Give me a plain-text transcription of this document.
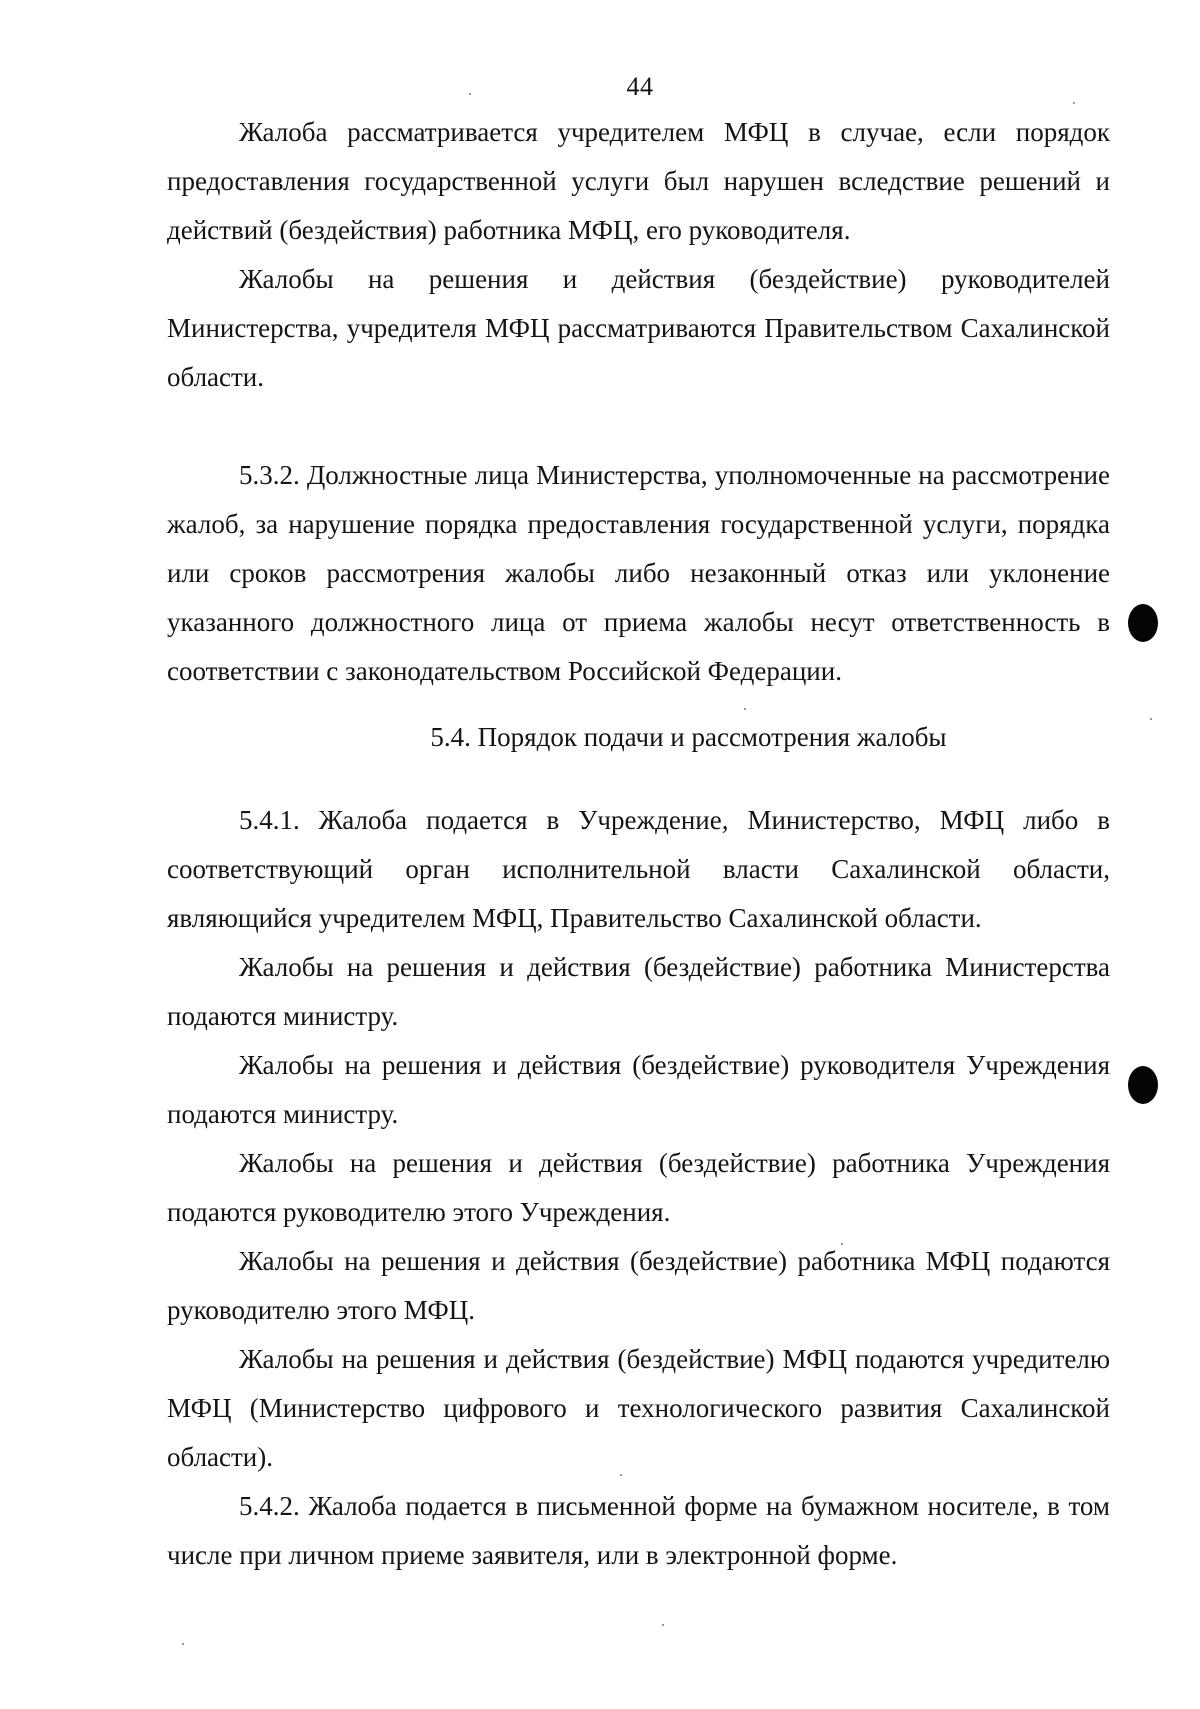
44

Жалоба рассматривается учредителем МФЦ в случае, если порядок предоставления государственной услуги был нарушен вследствие решений и действий (бездействия) работника МФЦ, его руководителя.

Жалобы на решения и действия (бездействие) руководителей Министерства, учредителя МФЦ рассматриваются Правительством Сахалинской области.

5.3.2. Должностные лица Министерства, уполномоченные на рассмотрение жалоб, за нарушение порядка предоставления государственной услуги, порядка или сроков рассмотрения жалобы либо незаконный отказ или уклонение указанного должностного лица от приема жалобы несут ответственность в соответствии с законодательством Российской Федерации.

5.4. Порядок подачи и рассмотрения жалобы

5.4.1. Жалоба подается в Учреждение, Министерство, МФЦ либо в соответствующий орган исполнительной власти Сахалинской области, являющийся учредителем МФЦ, Правительство Сахалинской области.

Жалобы на решения и действия (бездействие) работника Министерства подаются министру.

Жалобы на решения и действия (бездействие) руководителя Учреждения подаются министру.

Жалобы на решения и действия (бездействие) работника Учреждения подаются руководителю этого Учреждения.

Жалобы на решения и действия (бездействие) работника МФЦ подаются руководителю этого МФЦ.

Жалобы на решения и действия (бездействие) МФЦ подаются учредителю МФЦ (Министерство цифрового и технологического развития Сахалинской области).

5.4.2. Жалоба подается в письменной форме на бумажном носителе, в том числе при личном приеме заявителя, или в электронной форме.
